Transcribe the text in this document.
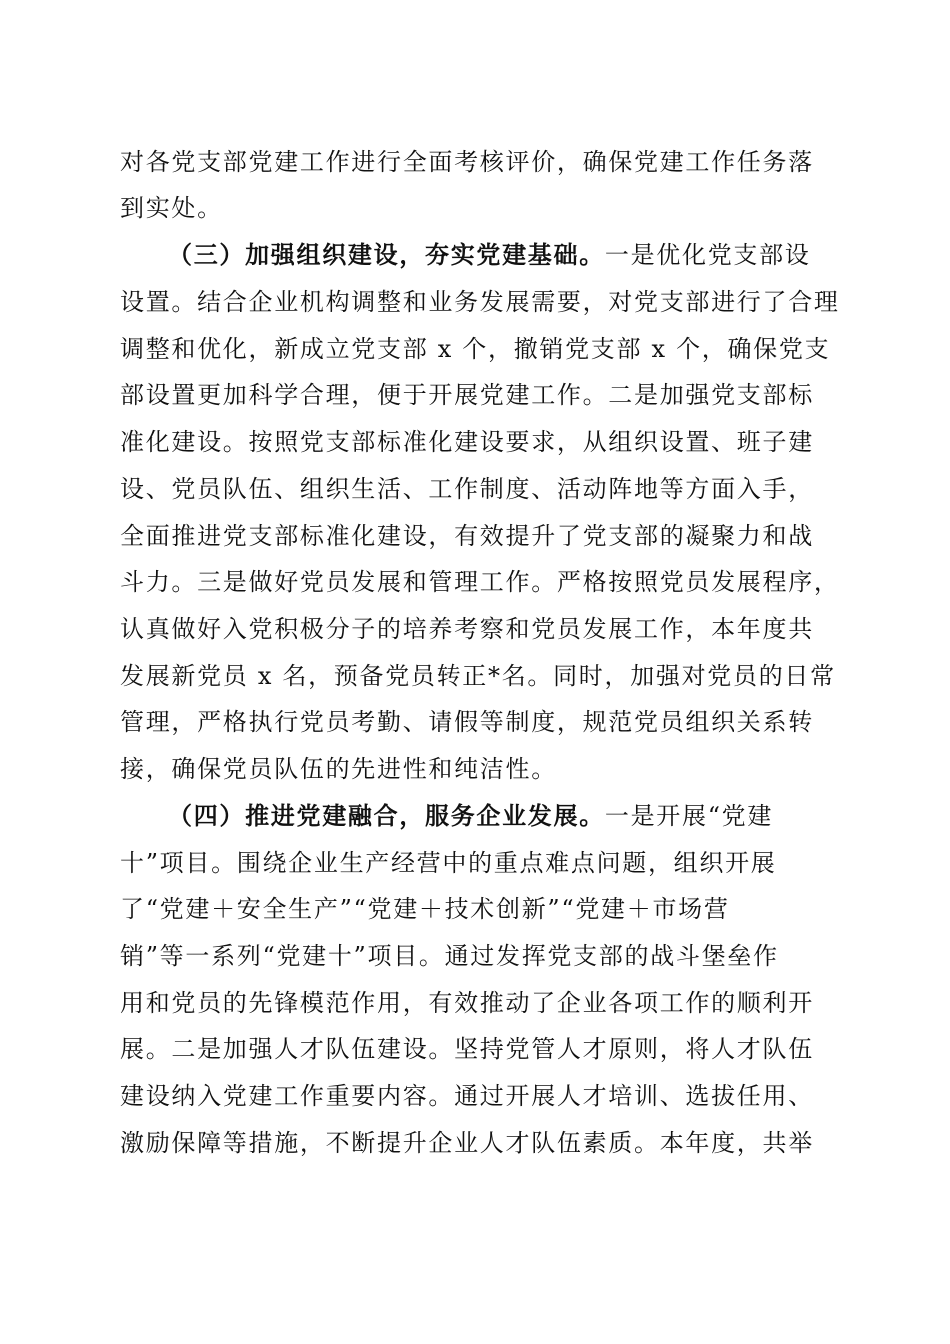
对各党支部党建工作进行全面考核评价，确保党建工作任务落
到实处。
（三）加强组织建设，夯实党建基础。一是优化党支部设
设置。结合企业机构调整和业务发展需要，对党支部进行了合理
调整和优化，新成立党支部 x 个，撤销党支部 x 个，确保党支
部设置更加科学合理，便于开展党建工作。二是加强党支部标
准化建设。按照党支部标准化建设要求，从组织设置、班子建
设、党员队伍、组织生活、工作制度、活动阵地等方面入手，
全面推进党支部标准化建设，有效提升了党支部的凝聚力和战
斗力。三是做好党员发展和管理工作。严格按照党员发展程序，
认真做好入党积极分子的培养考察和党员发展工作，本年度共
发展新党员 x 名，预备党员转正*名。同时，加强对党员的日常
管理，严格执行党员考勤、请假等制度，规范党员组织关系转
接，确保党员队伍的先进性和纯洁性。
（四）推进党建融合，服务企业发展。一是开展“党建
十”项目。围绕企业生产经营中的重点难点问题，组织开展
了“党建＋安全生产”“党建＋技术创新”“党建＋市场营
销”等一系列“党建十”项目。通过发挥党支部的战斗堡垒作
用和党员的先锋模范作用，有效推动了企业各项工作的顺利开
展。二是加强人才队伍建设。坚持党管人才原则，将人才队伍
建设纳入党建工作重要内容。通过开展人才培训、选拔任用、
激励保障等措施，不断提升企业人才队伍素质。本年度，共举
